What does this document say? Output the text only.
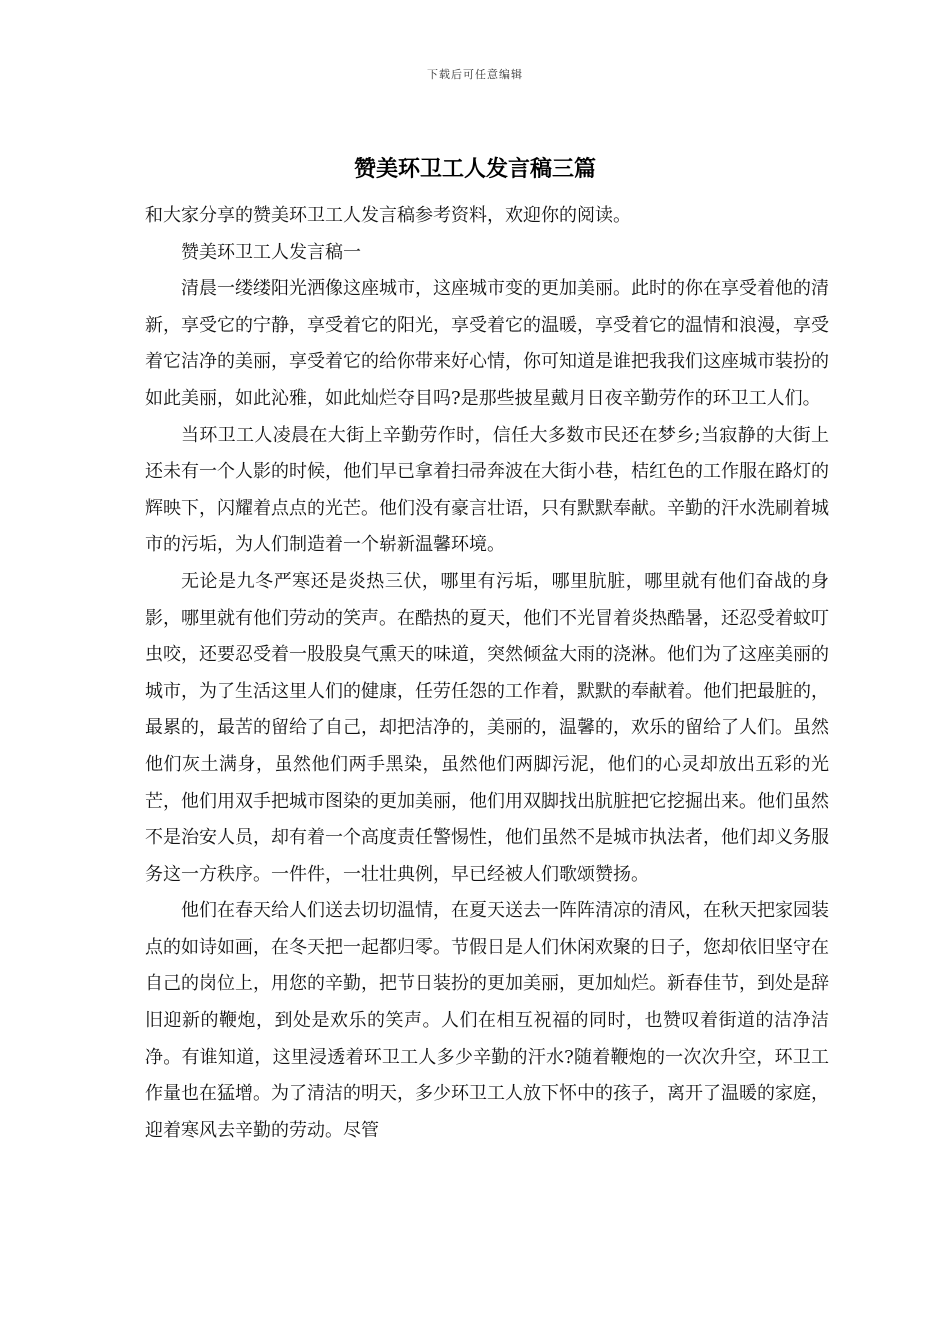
下载后可任意编辑
赞美环卫工人发言稿三篇

和大家分享的赞美环卫工人发言稿参考资料，欢迎你的阅读。

赞美环卫工人发言稿一

清晨一缕缕阳光洒像这座城市，这座城市变的更加美丽。此时的你在享受着他的清新，享受它的宁静，享受着它的阳光，享受着它的温暖，享受着它的温情和浪漫，享受着它洁净的美丽，享受着它的给你带来好心情，你可知道是谁把我我们这座城市装扮的如此美丽，如此沁雅，如此灿烂夺目吗?是那些披星戴月日夜辛勤劳作的环卫工人们。

当环卫工人凌晨在大街上辛勤劳作时，信任大多数市民还在梦乡;当寂静的大街上还未有一个人影的时候，他们早已拿着扫帚奔波在大街小巷，桔红色的工作服在路灯的辉映下，闪耀着点点的光芒。他们没有豪言壮语，只有默默奉献。辛勤的汗水洗刷着城市的污垢，为人们制造着一个崭新温馨环境。

无论是九冬严寒还是炎热三伏，哪里有污垢，哪里肮脏，哪里就有他们奋战的身影，哪里就有他们劳动的笑声。在酷热的夏天，他们不光冒着炎热酷暑，还忍受着蚊叮虫咬，还要忍受着一股股臭气熏天的味道，突然倾盆大雨的浇淋。他们为了这座美丽的城市，为了生活这里人们的健康，任劳任怨的工作着，默默的奉献着。他们把最脏的，最累的，最苦的留给了自己，却把洁净的，美丽的，温馨的，欢乐的留给了人们。虽然他们灰土满身，虽然他们两手黑染，虽然他们两脚污泥，他们的心灵却放出五彩的光芒，他们用双手把城市图染的更加美丽，他们用双脚找出肮脏把它挖掘出来。他们虽然不是治安人员，却有着一个高度责任警惕性，他们虽然不是城市执法者，他们却义务服务这一方秩序。一件件，一壮壮典例，早已经被人们歌颂赞扬。

他们在春天给人们送去切切温情，在夏天送去一阵阵清凉的清风，在秋天把家园装点的如诗如画，在冬天把一起都归零。节假日是人们休闲欢聚的日子，您却依旧坚守在自己的岗位上，用您的辛勤，把节日装扮的更加美丽，更加灿烂。新春佳节，到处是辞旧迎新的鞭炮，到处是欢乐的笑声。人们在相互祝福的同时，也赞叹着街道的洁净洁净。有谁知道，这里浸透着环卫工人多少辛勤的汗水?随着鞭炮的一次次升空，环卫工作量也在猛增。为了清洁的明天，多少环卫工人放下怀中的孩子，离开了温暖的家庭，迎着寒风去辛勤的劳动。尽管
